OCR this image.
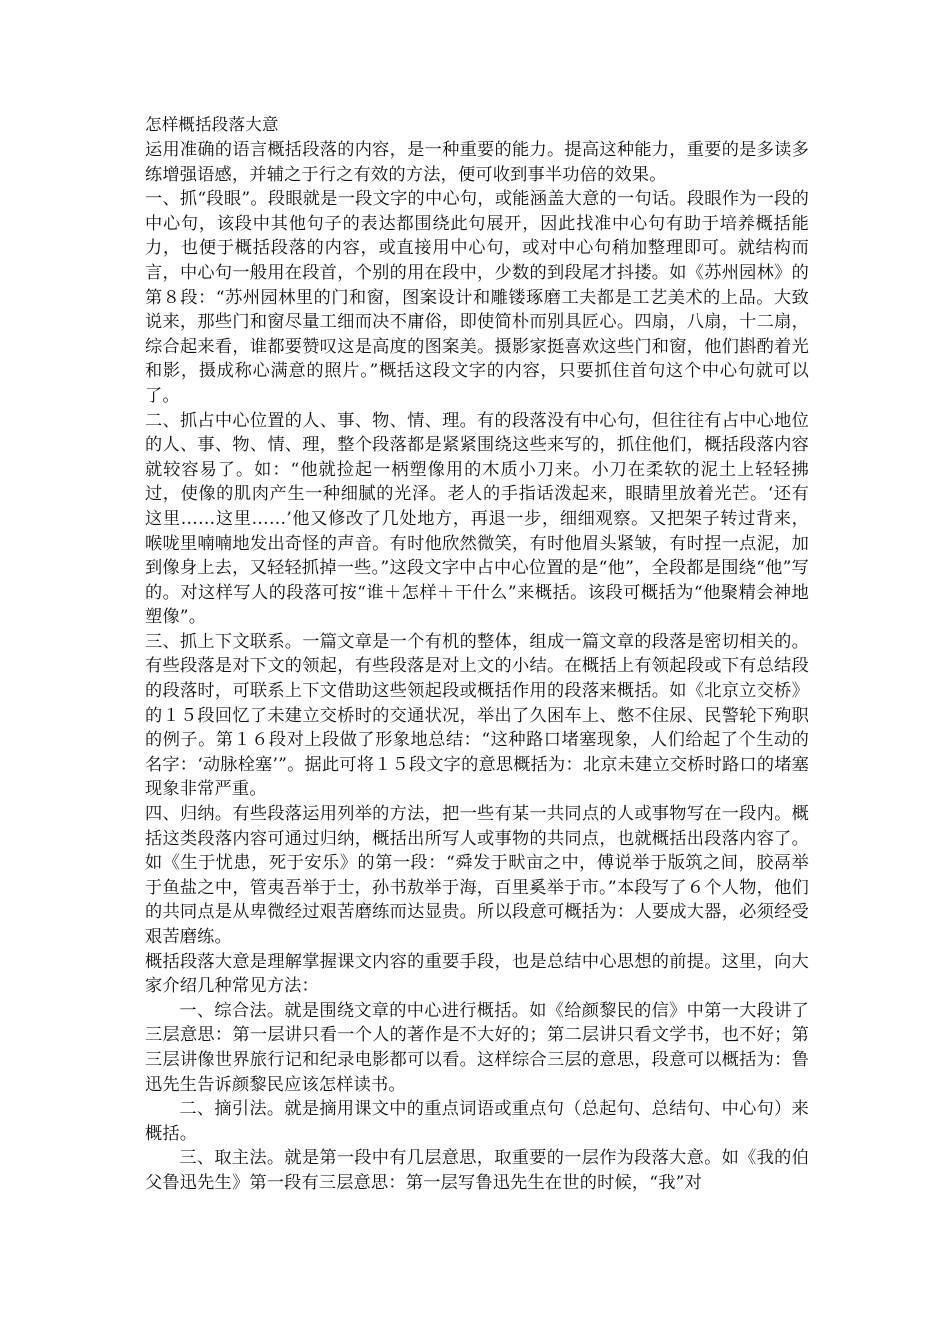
怎样概括段落大意

运用准确的语言概括段落的内容，是一种重要的能力。提高这种能力，重要的是多读多练增强语感，并辅之于行之有效的方法，便可收到事半功倍的效果。

一、抓“段眼”。段眼就是一段文字的中心句，或能涵盖大意的一句话。段眼作为一段的中心句，该段中其他句子的表达都围绕此句展开，因此找准中心句有助于培养概括能力，也便于概括段落的内容，或直接用中心句，或对中心句稍加整理即可。就结构而言，中心句一般用在段首，个别的用在段中，少数的到段尾才抖搂。如《苏州园林》的第８段：“苏州园林里的门和窗，图案设计和雕镂琢磨工夫都是工艺美术的上品。大致说来，那些门和窗尽量工细而决不庸俗，即使简朴而别具匠心。四扇，八扇，十二扇，综合起来看，谁都要赞叹这是高度的图案美。摄影家挺喜欢这些门和窗，他们斟酌着光和影，摄成称心满意的照片。”概括这段文字的内容，只要抓住首句这个中心句就可以了。

二、抓占中心位置的人、事、物、情、理。有的段落没有中心句，但往往有占中心地位的人、事、物、情、理，整个段落都是紧紧围绕这些来写的，抓住他们，概括段落内容就较容易了。如：“他就捡起一柄塑像用的木质小刀来。小刀在柔软的泥土上轻轻拂过，使像的肌肉产生一种细腻的光泽。老人的手指话泼起来，眼睛里放着光芒。‘还有这里……这里……’他又修改了几处地方，再退一步，细细观察。又把架子转过背来，喉咙里喃喃地发出奇怪的声音。有时他欣然微笑，有时他眉头紧皱，有时捏一点泥，加到像身上去，又轻轻抓掉一些。”这段文字中占中心位置的是“他”，全段都是围绕“他”写的。对这样写人的段落可按“谁＋怎样＋干什么”来概括。该段可概括为“他聚精会神地塑像”。

三、抓上下文联系。一篇文章是一个有机的整体，组成一篇文章的段落是密切相关的。有些段落是对下文的领起，有些段落是对上文的小结。在概括上有领起段或下有总结段的段落时，可联系上下文借助这些领起段或概括作用的段落来概括。如《北京立交桥》的１５段回忆了未建立交桥时的交通状况，举出了久困车上、憋不住尿、民警轮下殉职的例子。第１６段对上段做了形象地总结：“这种路口堵塞现象，人们给起了个生动的名字：‘动脉栓塞’”。据此可将１５段文字的意思概括为：北京未建立交桥时路口的堵塞现象非常严重。

四、归纳。有些段落运用列举的方法，把一些有某一共同点的人或事物写在一段内。概括这类段落内容可通过归纳，概括出所写人或事物的共同点，也就概括出段落内容了。如《生于忧患，死于安乐》的第一段：“舜发于畎亩之中，傅说举于版筑之间，胶鬲举于鱼盐之中，管夷吾举于士，孙书敖举于海，百里奚举于市。”本段写了６个人物，他们的共同点是从卑微经过艰苦磨练而达显贵。所以段意可概括为：人要成大器，必须经受艰苦磨练。

概括段落大意是理解掌握课文内容的重要手段，也是总结中心思想的前提。这里，向大家介绍几种常见方法：

一、综合法。就是围绕文章的中心进行概括。如《给颜黎民的信》中第一大段讲了三层意思：第一层讲只看一个人的著作是不大好的；第二层讲只看文学书，也不好；第三层讲像世界旅行记和纪录电影都可以看。这样综合三层的意思，段意可以概括为：鲁迅先生告诉颜黎民应该怎样读书。

二、摘引法。就是摘用课文中的重点词语或重点句（总起句、总结句、中心句）来概括。

三、取主法。就是第一段中有几层意思，取重要的一层作为段落大意。如《我的伯父鲁迅先生》第一段有三层意思：第一层写鲁迅先生在世的时候，“我”对
